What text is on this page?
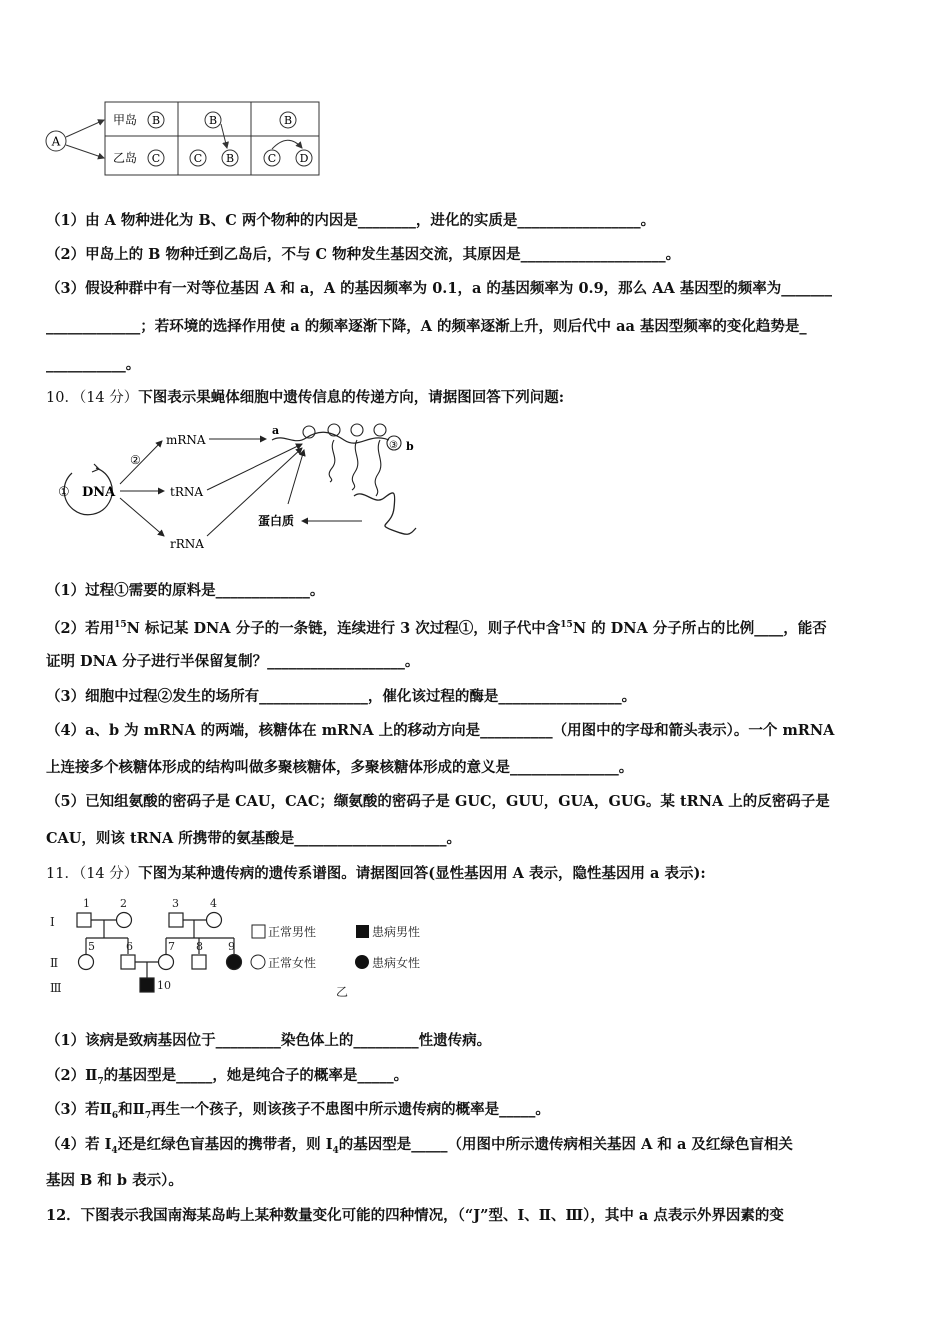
A
甲岛
乙岛
B
C
B
C B
B
C D
（1）由 A 物种进化为 B、C 两个物种的内因是________，进化的实质是_________________。
（2）甲岛上的 B 物种迁到乙岛后，不与 C 物种发生基因交流，其原因是____________________。
（3）假设种群中有一对等位基因 A 和 a，A 的基因频率为 0.1，a 的基因频率为 0.9，那么 AA 基因型的频率为_______
_____________；若环境的选择作用使 a 的频率逐渐下降，A 的频率逐渐上升，则后代中 aa 基因型频率的变化趋势是_
___________。
10．（14 分）下图表示果蝇体细胞中遗传信息的传递方向，请据图回答下列问题:
① DNA
②
mRNA
tRNA
rRNA
a
③ b
蛋白质
（1）过程①需要的原料是_____________。
（2）若用$^{15}$N 标记某 DNA 分子的一条链，连续进行 3 次过程①，则子代中含$^{15}$N 的 DNA 分子所占的比例____，能否
证明 DNA 分子进行半保留复制？___________________。
（3）细胞中过程②发生的场所有_______________，催化该过程的酶是_________________。
（4）a、b 为 mRNA 的两端，核糖体在 mRNA 上的移动方向是__________（用图中的字母和箭头表示）。一个 mRNA
上连接多个核糖体形成的结构叫做多聚核糖体，多聚核糖体形成的意义是_______________。
（5）已知组氨酸的密码子是 CAU，CAC；缬氨酸的密码子是 GUC，GUU，GUA，GUG。某 tRNA 上的反密码子是
CAU，则该 tRNA 所携带的氨基酸是_____________________。
11．（14 分）下图为某种遗传病的遗传系谱图。请据图回答(显性基因用 A 表示，隐性基因用 a 表示):
Ⅰ
Ⅱ
Ⅲ
1	2	3	4
5	6	7 8 9
10
正常男性	患病男性
正常女性	患病女性
乙
（1）该病是致病基因位于_________染色体上的_________性遗传病。
$(2)Ⅱ_7$的基因型是_____，她是纯合子的概率是_____。
（3）若$Ⅱ_6$和$Ⅱ_7$再生一个孩子，则该孩子不患图中所示遗传病的概率是_____。
（4）若 $I_4$还是红绿色盲基因的携带者，则 $I_4$的基因型是_____（用图中所示遗传病相关基因 A 和 a 及红绿色盲相关
基因 B 和 b 表示）。
12．下图表示我国南海某岛屿上某种数量变化可能的四种情况，（“J”型、Ⅰ、Ⅱ、Ⅲ），其中 a 点表示外界因素的变
